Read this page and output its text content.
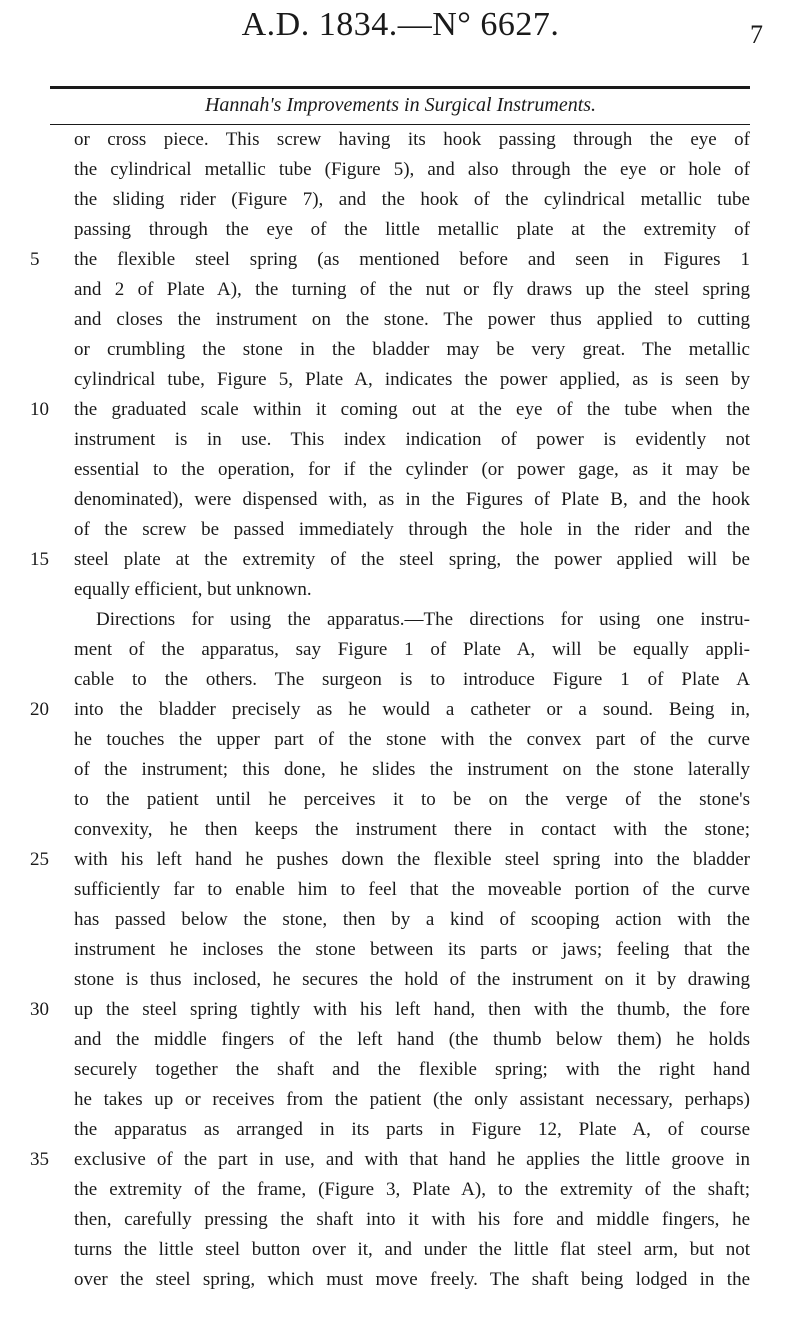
A.D. 1834.—N° 6627.	7
Hannah's Improvements in Surgical Instruments.
or cross piece. This screw having its hook passing through the eye of
the cylindrical metallic tube (Figure 5), and also through the eye or hole of
the sliding rider (Figure 7), and the hook of the cylindrical metallic tube
passing through the eye of the little metallic plate at the extremity of
5	the flexible steel spring (as mentioned before and seen in Figures 1
and 2 of Plate A), the turning of the nut or fly draws up the steel spring
and closes the instrument on the stone. The power thus applied to cutting
or crumbling the stone in the bladder may be very great. The metallic
cylindrical tube, Figure 5, Plate A, indicates the power applied, as is seen by
10	the graduated scale within it coming out at the eye of the tube when the
instrument is in use. This index indication of power is evidently not
essential to the operation, for if the cylinder (or power gage, as it may be
denominated), were dispensed with, as in the Figures of Plate B, and the hook
of the screw be passed immediately through the hole in the rider and the
15	steel plate at the extremity of the steel spring, the power applied will be
equally efficient, but unknown.
Directions for using the apparatus.—The directions for using one instru-
ment of the apparatus, say Figure 1 of Plate A, will be equally appli-
cable to the others. The surgeon is to introduce Figure 1 of Plate A
20	into the bladder precisely as he would a catheter or a sound. Being in,
he touches the upper part of the stone with the convex part of the curve
of the instrument; this done, he slides the instrument on the stone laterally
to the patient until he perceives it to be on the verge of the stone's
convexity, he then keeps the instrument there in contact with the stone;
25	with his left hand he pushes down the flexible steel spring into the bladder
sufficiently far to enable him to feel that the moveable portion of the curve
has passed below the stone, then by a kind of scooping action with the
instrument he incloses the stone between its parts or jaws; feeling that the
stone is thus inclosed, he secures the hold of the instrument on it by drawing
30	up the steel spring tightly with his left hand, then with the thumb, the fore
and the middle fingers of the left hand (the thumb below them) he holds
securely together the shaft and the flexible spring; with the right hand
he takes up or receives from the patient (the only assistant necessary, perhaps)
the apparatus as arranged in its parts in Figure 12, Plate A, of course
35	exclusive of the part in use, and with that hand he applies the little groove in
the extremity of the frame, (Figure 3, Plate A), to the extremity of the shaft;
then, carefully pressing the shaft into it with his fore and middle fingers, he
turns the little steel button over it, and under the little flat steel arm, but not
over the steel spring, which must move freely. The shaft being lodged in the
